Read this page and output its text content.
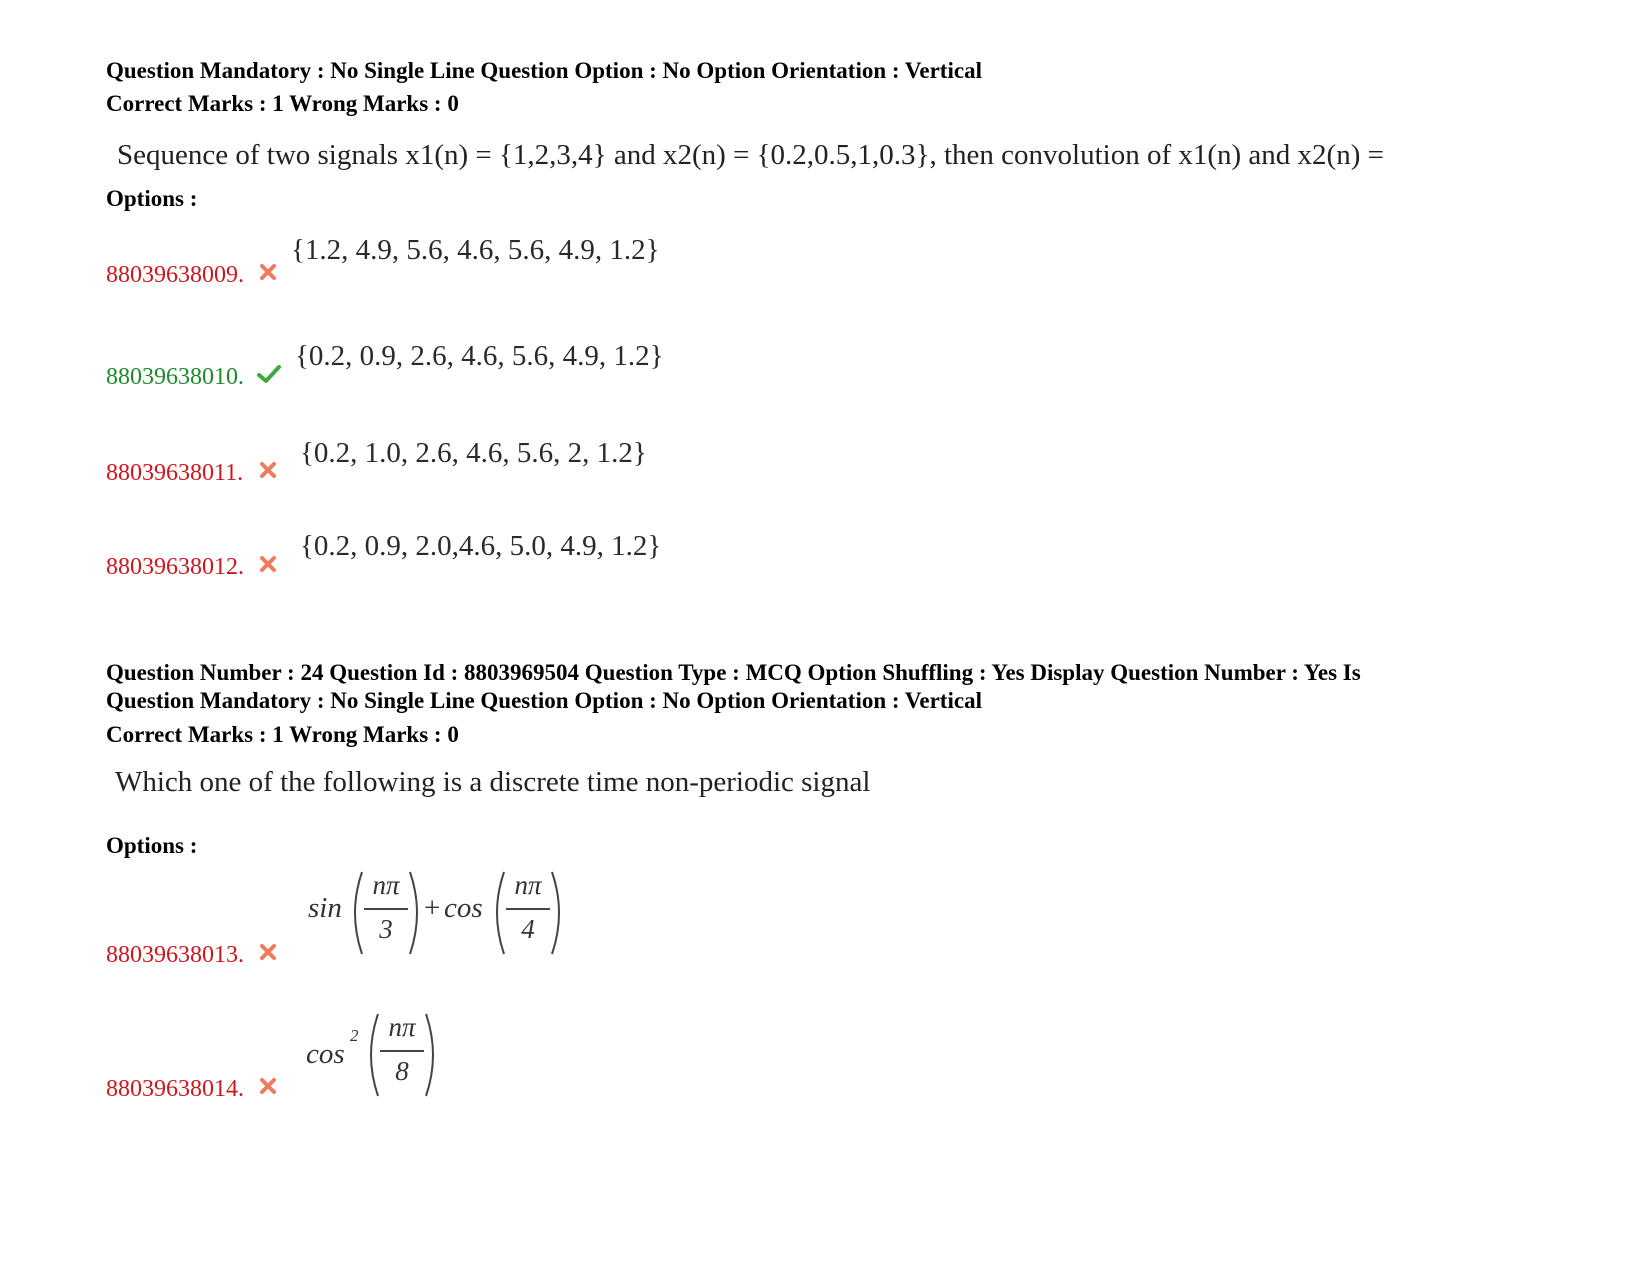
Question Mandatory : No Single Line Question Option : No Option Orientation : Vertical
Correct Marks : 1 Wrong Marks : 0
Sequence of two signals x1(n) = {1,2,3,4} and x2(n) = {0.2,0.5,1,0.3}, then convolution of x1(n) and x2(n) =
Options :
88039638009.
{1.2, 4.9, 5.6, 4.6, 5.6, 4.9, 1.2}
88039638010.
{0.2, 0.9, 2.6, 4.6, 5.6, 4.9, 1.2}
88039638011.
{0.2, 1.0, 2.6, 4.6, 5.6, 2, 1.2}
88039638012.
{0.2, 0.9, 2.0,4.6, 5.0, 4.9, 1.2}
Question Number : 24 Question Id : 8803969504 Question Type : MCQ Option Shuffling : Yes Display Question Number : Yes Is
Question Mandatory : No Single Line Question Option : No Option Orientation : Vertical
Correct Marks : 1 Wrong Marks : 0
Which one of the following is a discrete time non-periodic signal
Options :
88039638013.
sin
nπ
3
+ cos
nπ
4
88039638014.
cos
2	nπ
8
